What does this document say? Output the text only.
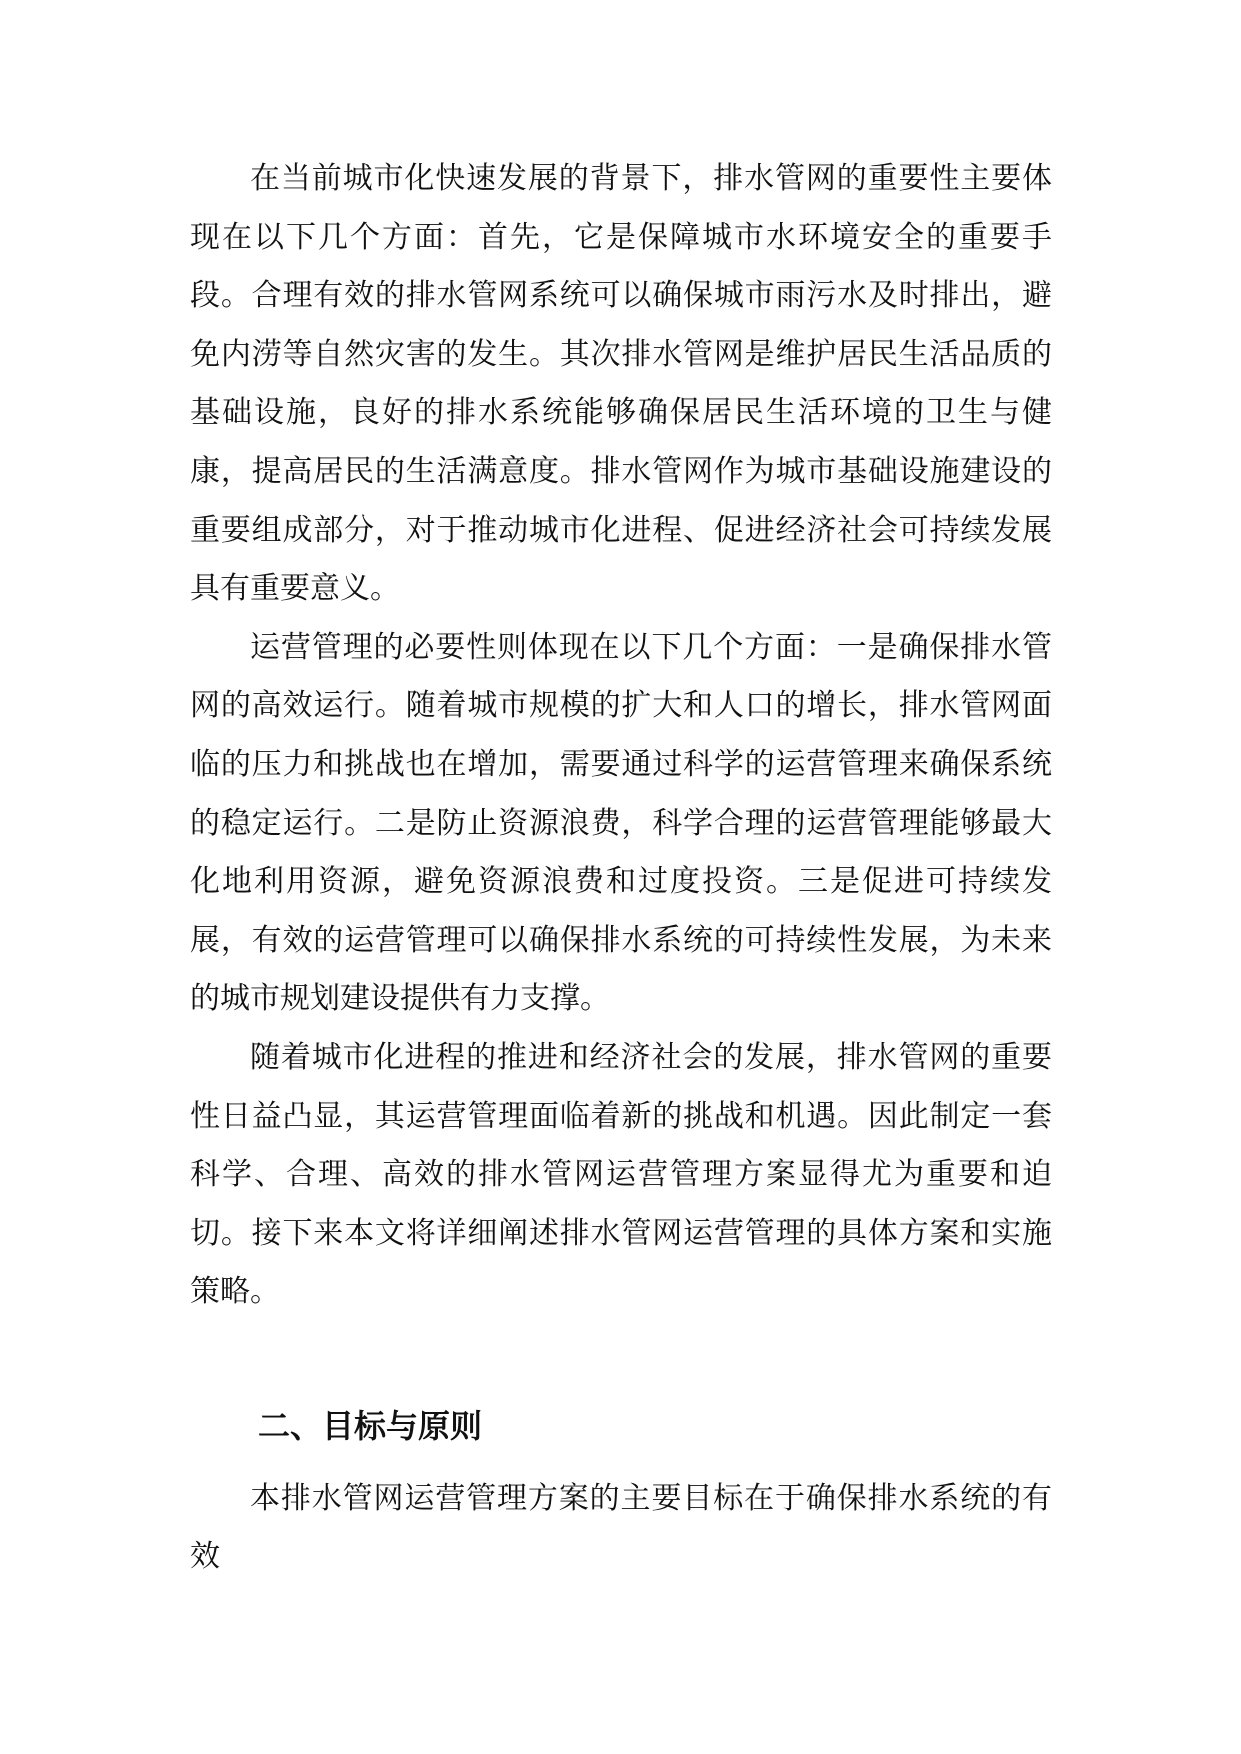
在当前城市化快速发展的背景下，排水管网的重要性主要体现在以下几个方面：首先，它是保障城市水环境安全的重要手段。合理有效的排水管网系统可以确保城市雨污水及时排出，避免内涝等自然灾害的发生。其次排水管网是维护居民生活品质的基础设施，良好的排水系统能够确保居民生活环境的卫生与健康，提高居民的生活满意度。排水管网作为城市基础设施建设的重要组成部分，对于推动城市化进程、促进经济社会可持续发展具有重要意义。

运营管理的必要性则体现在以下几个方面：一是确保排水管网的高效运行。随着城市规模的扩大和人口的增长，排水管网面临的压力和挑战也在增加，需要通过科学的运营管理来确保系统的稳定运行。二是防止资源浪费，科学合理的运营管理能够最大化地利用资源，避免资源浪费和过度投资。三是促进可持续发展，有效的运营管理可以确保排水系统的可持续性发展，为未来的城市规划建设提供有力支撑。

随着城市化进程的推进和经济社会的发展，排水管网的重要性日益凸显，其运营管理面临着新的挑战和机遇。因此制定一套科学、合理、高效的排水管网运营管理方案显得尤为重要和迫切。接下来本文将详细阐述排水管网运营管理的具体方案和实施策略。

二、目标与原则

本排水管网运营管理方案的主要目标在于确保排水系统的有效
